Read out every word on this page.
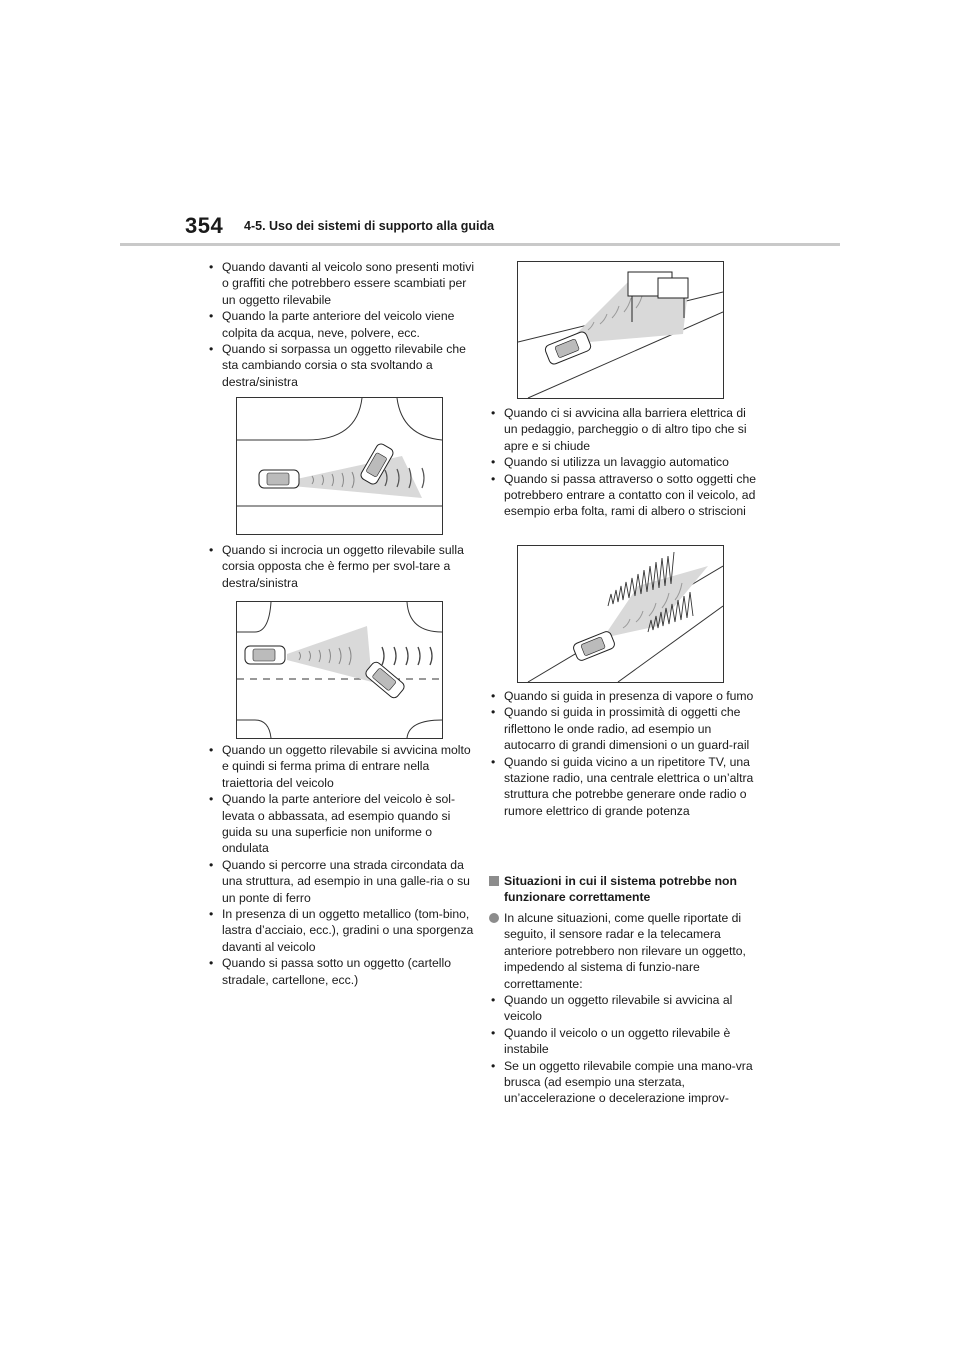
354 4-5. Uso dei sistemi di supporto alla guida
• Quando davanti al veicolo sono presenti motivi o graffiti che potrebbero essere scambiati per un oggetto rilevabile
• Quando la parte anteriore del veicolo viene colpita da acqua, neve, polvere, ecc.
• Quando si sorpassa un oggetto rilevabile che sta cambiando corsia o sta svoltando a destra/sinistra
• Quando si incrocia un oggetto rilevabile sulla corsia opposta che è fermo per svol-tare a destra/sinistra
• Quando un oggetto rilevabile si avvicina molto e quindi si ferma prima di entrare nella traiettoria del veicolo
• Quando la parte anteriore del veicolo è sol-levata o abbassata, ad esempio quando si guida su una superficie non uniforme o ondulata
• Quando si percorre una strada circondata da una struttura, ad esempio in una galle-ria o su un ponte di ferro
• In presenza di un oggetto metallico (tom-bino, lastra d’acciaio, ecc.), gradini o una sporgenza davanti al veicolo
• Quando si passa sotto un oggetto (cartello stradale, cartellone, ecc.)
• Quando ci si avvicina alla barriera elettrica di un pedaggio, parcheggio o di altro tipo che si apre e si chiude
• Quando si utilizza un lavaggio automatico
• Quando si passa attraverso o sotto oggetti che potrebbero entrare a contatto con il veicolo, ad esempio erba folta, rami di albero o striscioni
• Quando si guida in presenza di vapore o fumo
• Quando si guida in prossimità di oggetti che riflettono le onde radio, ad esempio un autocarro di grandi dimensioni o un guard-rail
• Quando si guida vicino a un ripetitore TV, una stazione radio, una centrale elettrica o un’altra struttura che potrebbe generare onde radio o rumore elettrico di grande potenza
Situazioni in cui il sistema potrebbe non funzionare correttamente
In alcune situazioni, come quelle riportate di seguito, il sensore radar e la telecamera anteriore potrebbero non rilevare un oggetto, impedendo al sistema di funzio-nare correttamente:
• Quando un oggetto rilevabile si avvicina al veicolo
• Quando il veicolo o un oggetto rilevabile è instabile
• Se un oggetto rilevabile compie una mano-vra brusca (ad esempio una sterzata, un’accelerazione o decelerazione improv-
